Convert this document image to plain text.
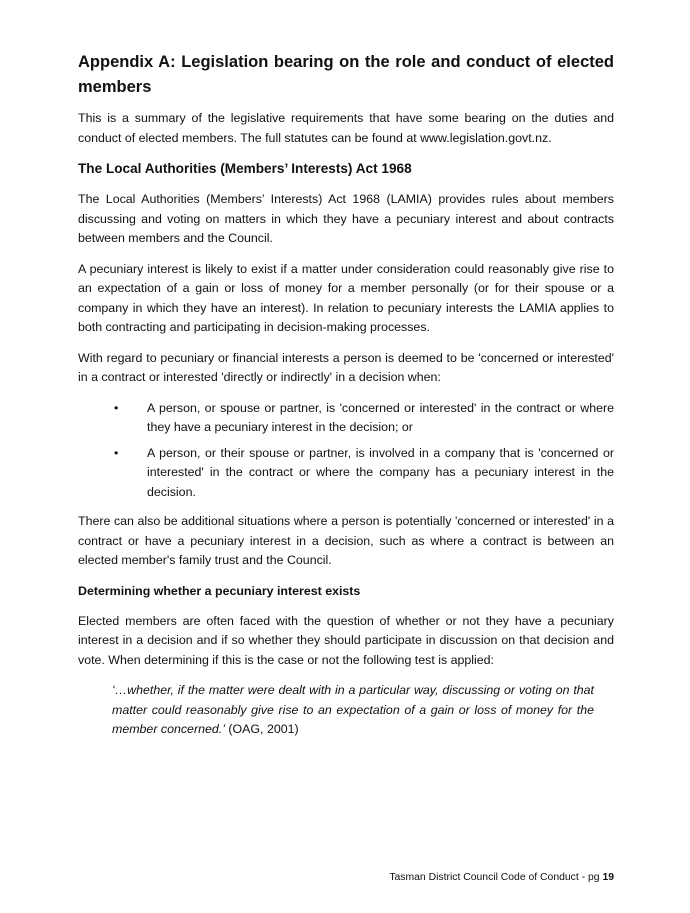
Appendix A: Legislation bearing on the role and conduct of elected members

This is a summary of the legislative requirements that have some bearing on the duties and conduct of elected members. The full statutes can be found at www.legislation.govt.nz.

The Local Authorities (Members’ Interests) Act 1968

The Local Authorities (Members’ Interests) Act 1968 (LAMIA) provides rules about members discussing and voting on matters in which they have a pecuniary interest and about contracts between members and the Council.

A pecuniary interest is likely to exist if a matter under consideration could reasonably give rise to an expectation of a gain or loss of money for a member personally (or for their spouse or a company in which they have an interest). In relation to pecuniary interests the LAMIA applies to both contracting and participating in decision-making processes.

With regard to pecuniary or financial interests a person is deemed to be 'concerned or interested' in a contract or interested 'directly or indirectly' in a decision when:

• A person, or spouse or partner, is 'concerned or interested' in the contract or where they have a pecuniary interest in the decision; or

• A person, or their spouse or partner, is involved in a company that is 'concerned or interested' in the contract or where the company has a pecuniary interest in the decision.

There can also be additional situations where a person is potentially 'concerned or interested' in a contract or have a pecuniary interest in a decision, such as where a contract is between an elected member's family trust and the Council.

Determining whether a pecuniary interest exists

Elected members are often faced with the question of whether or not they have a pecuniary interest in a decision and if so whether they should participate in discussion on that decision and vote. When determining if this is the case or not the following test is applied:

‘…whether, if the matter were dealt with in a particular way, discussing or voting on that matter could reasonably give rise to an expectation of a gain or loss of money for the member concerned.’ (OAG, 2001)
Tasman District Council Code of Conduct - pg 19
